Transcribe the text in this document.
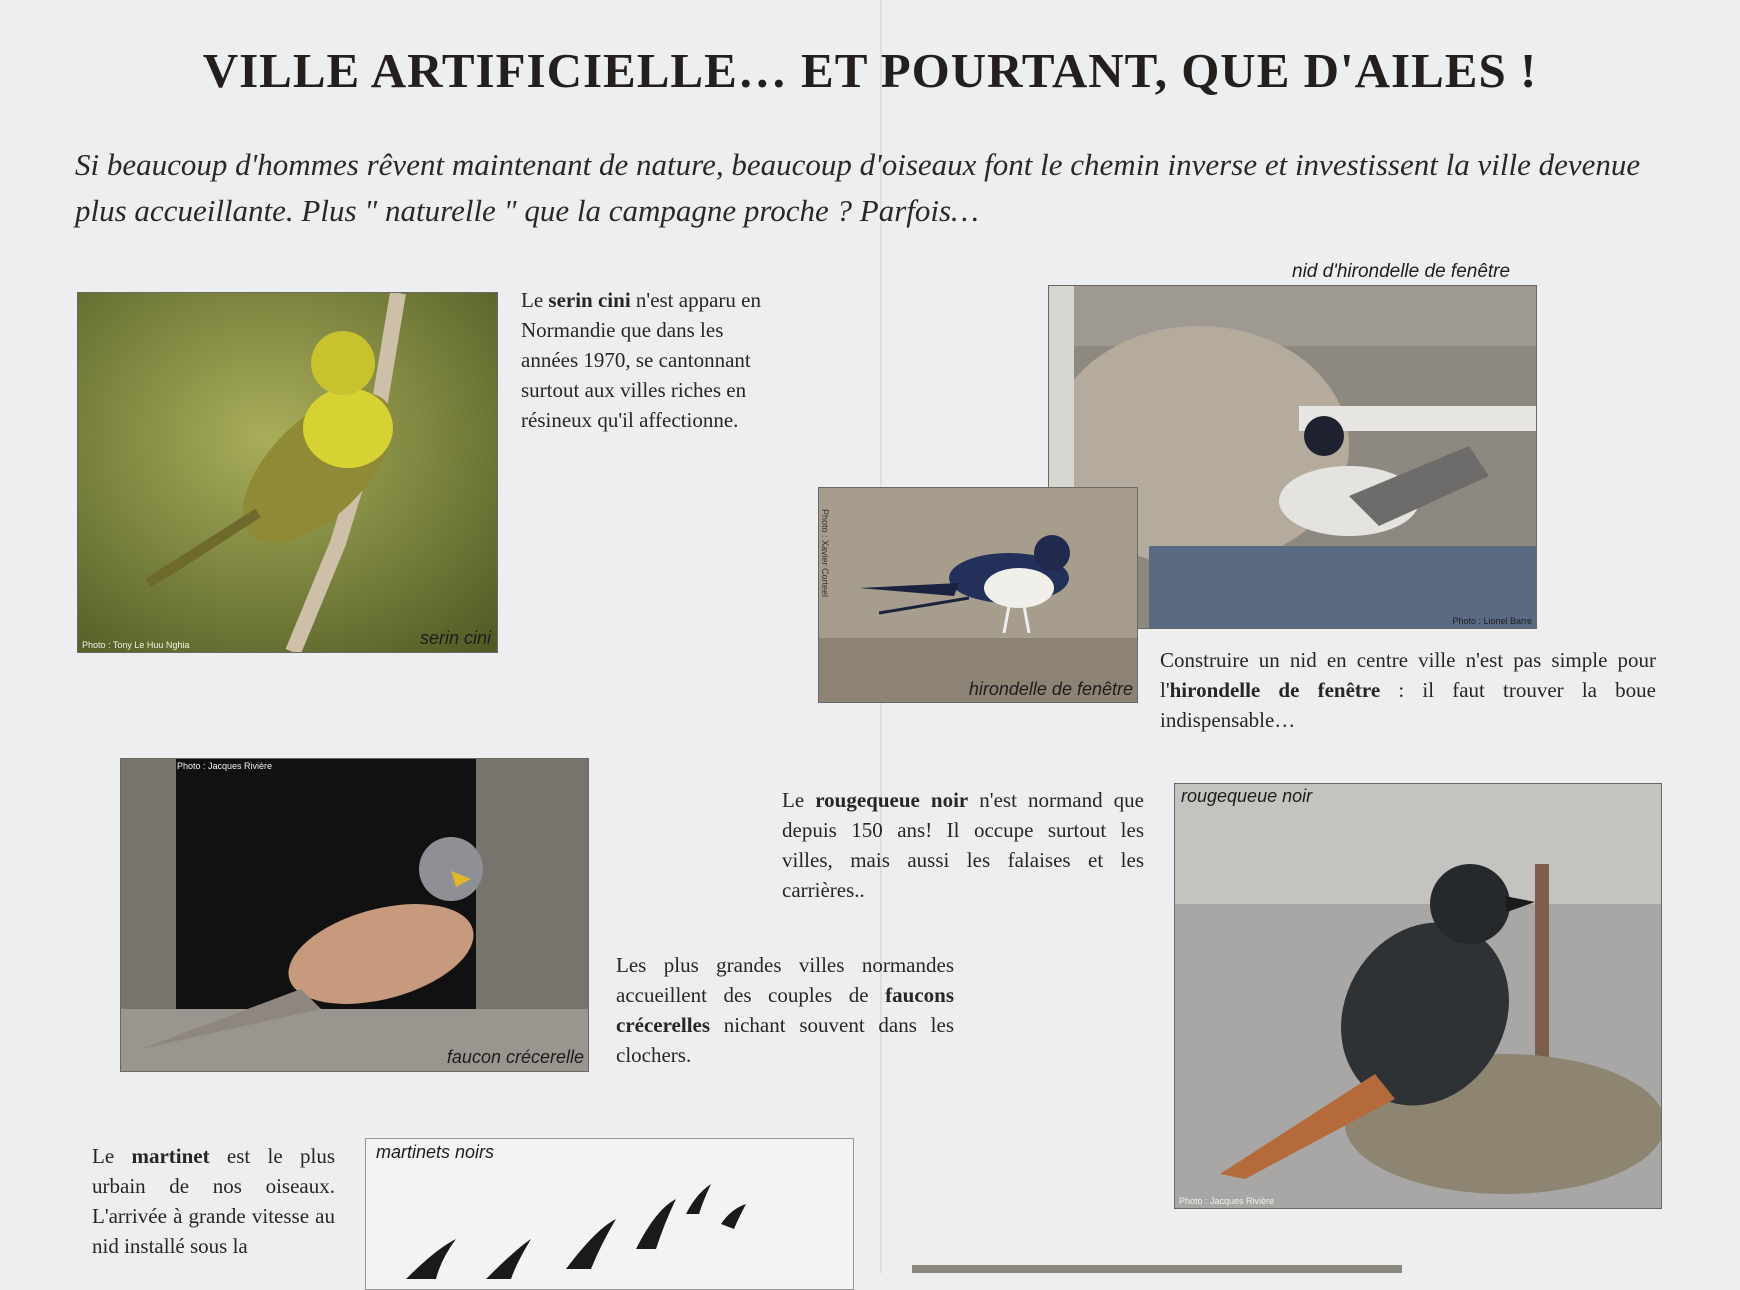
VILLE ARTIFICIELLE… ET POURTANT, QUE D'AILES !
Si beaucoup d'hommes rêvent maintenant de nature, beaucoup d'oiseaux font le chemin inverse et investissent la ville devenue plus accueillante. Plus " naturelle " que la campagne proche ? Parfois…
Photo : Tony Le Huu Nghia	serin cini
Le serin cini n'est apparu en Normandie que dans les années 1970, se cantonnant surtout aux villes riches en résineux qu'il affectionne.
nid d'hirondelle de fenêtre
Photo : Lionel Barre
Photo : Xavier Corteel
hirondelle de fenêtre
Construire un nid en centre ville n'est pas simple pour l'hirondelle de fenêtre : il faut trouver la boue indispensable…
Photo : Jacques Rivière
faucon crécerelle
Les plus grandes villes normandes accueillent des couples de faucons crécerelles nichant souvent dans les clochers.
Le rougequeue noir n'est normand que depuis 150 ans! Il occupe surtout les villes, mais aussi les falaises et les carrières..
rougequeue noir
Photo : Jacques Rivière
Le martinet est le plus urbain de nos oiseaux. L'arrivée à grande vitesse au nid installé sous la
martinets noirs
